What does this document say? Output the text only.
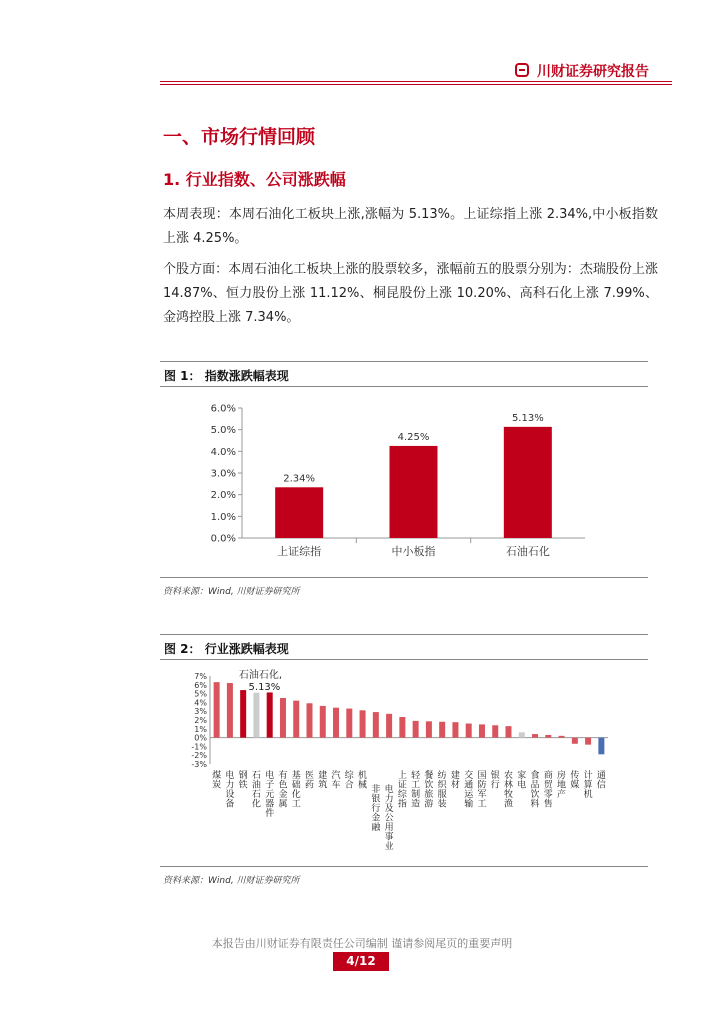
川财证券研究报告
一、市场行情回顾
1. 行业指数、公司涨跌幅
本周表现：本周石油化工板块上涨,涨幅为 5.13%。上证综指上涨 2.34%,中小板指数上涨 4.25%。
个股方面：本周石油化工板块上涨的股票较多，涨幅前五的股票分别为：杰瑞股份上涨 14.87%、恒力股份上涨 11.12%、桐昆股份上涨 10.20%、高科石化上涨 7.99%、金鸿控股上涨 7.34%。
图 1： 指数涨跌幅表现
0.0%
1.0%
2.0%
3.0%
4.0%
5.0%
6.0%
2.34%
上证综指
4.25%
中小板指
5.13%
石油石化
资料来源：Wind, 川财证券研究所
图 2： 行业涨跌幅表现
-3%
-2%
-1%
0%
1%
2%
3%
4%
5%
6%
7%
煤炭
电力设备
钢铁
石油石化
电子元器件
有色金属
基础化工
医药
建筑
汽车
综合
机械 非银行金融
电力及公用事业
上证综指
轻工制造
餐饮旅游
纺织服装
建材
交通运输
国防军工
银行
农林牧渔
家电
食品饮料
商贸零售
房地产
传媒
计算机
通信
石油石化, 5.13%
资料来源：Wind, 川财证券研究所
本报告由川财证券有限责任公司编制 谨请参阅尾页的重要声明
4/12
